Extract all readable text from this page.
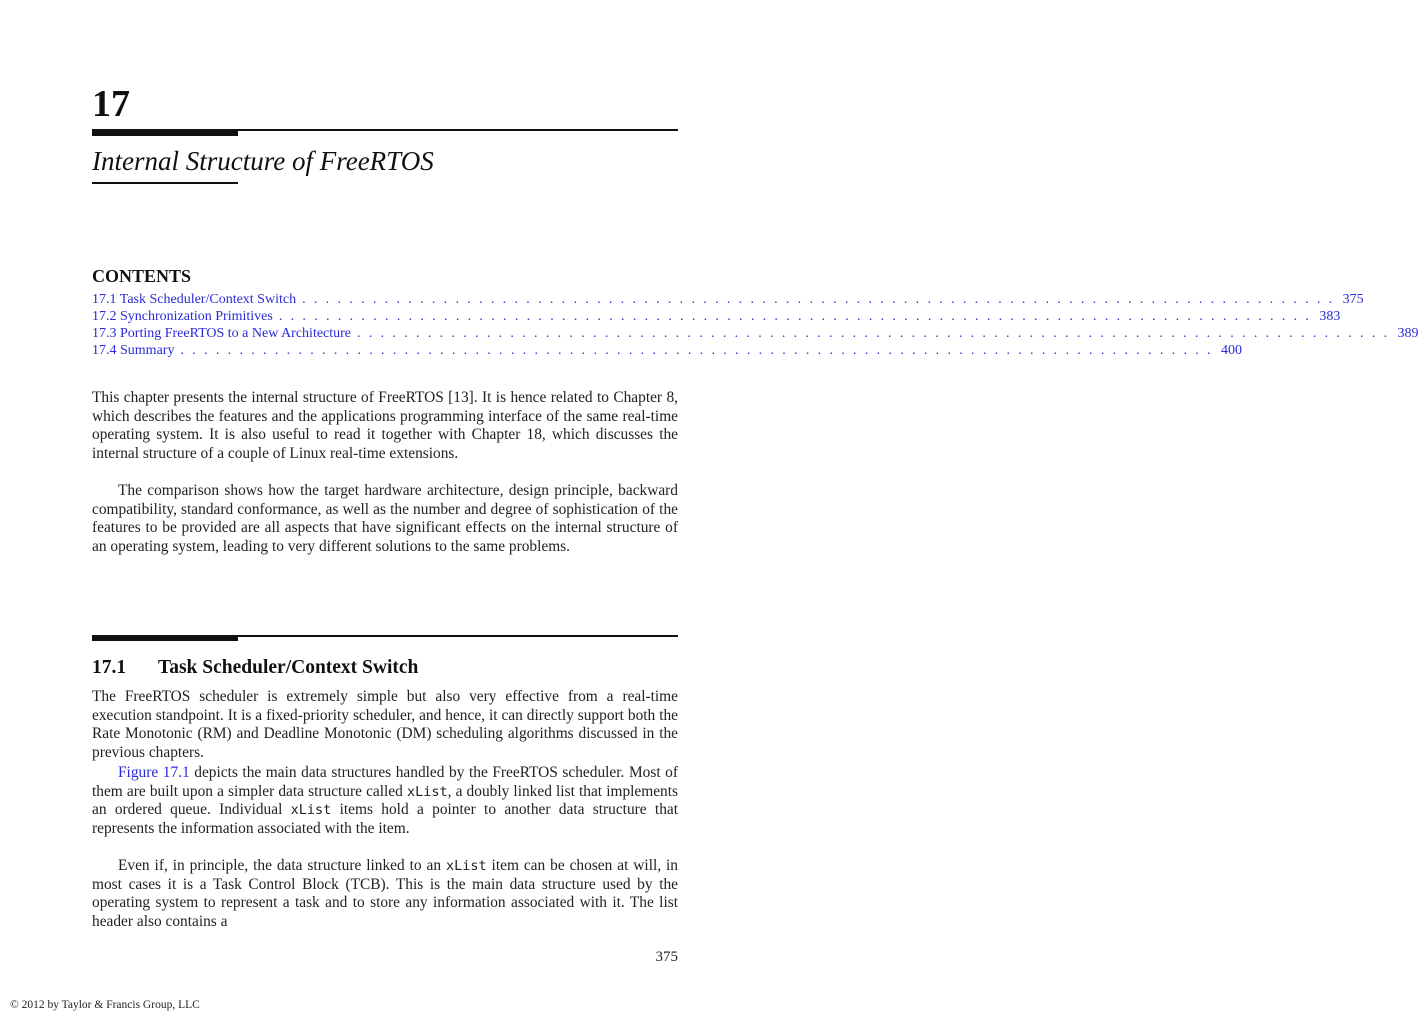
17
Internal Structure of FreeRTOS
CONTENTS
17.1 Task Scheduler/Context Switch . . . . . . . . . . . . . . . . . . . . . . . . . . . . . . . . . . . . . . . . . . . . . . . . . . . . . . . . . . . . . . . . . . . . . . . . . . . . . . . . . . . . . . . . 375
17.2 Synchronization Primitives . . . . . . . . . . . . . . . . . . . . . . . . . . . . . . . . . . . . . . . . . . . . . . . . . . . . . . . . . . . . . . . . . . . . . . . . . . . . . . . . . . . . . . . . 383
17.3 Porting FreeRTOS to a New Architecture . . . . . . . . . . . . . . . . . . . . . . . . . . . . . . . . . . . . . . . . . . . . . . . . . . . . . . . . . . . . . . . . . . . . . . . . . . . . . . . . . . . . . . . . 389
17.4 Summary . . . . . . . . . . . . . . . . . . . . . . . . . . . . . . . . . . . . . . . . . . . . . . . . . . . . . . . . . . . . . . . . . . . . . . . . . . . . . . . . . . . . . . . . 400

This chapter presents the internal structure of FreeRTOS [13]. It is hence related to Chapter 8, which describes the features and the applications programming interface of the same real-time operating system. It is also useful to read it together with Chapter 18, which discusses the internal structure of a couple of Linux real-time extensions.

The comparison shows how the target hardware architecture, design principle, backward compatibility, standard conformance, as well as the number and degree of sophistication of the features to be provided are all aspects that have significant effects on the internal structure of an operating system, leading to very different solutions to the same problems.

17.1 Task Scheduler/Context Switch

The FreeRTOS scheduler is extremely simple but also very effective from a real-time execution standpoint. It is a fixed-priority scheduler, and hence, it can directly support both the Rate Monotonic (RM) and Deadline Monotonic (DM) scheduling algorithms discussed in the previous chapters.

Figure 17.1 depicts the main data structures handled by the FreeRTOS scheduler. Most of them are built upon a simpler data structure called xList, a doubly linked list that implements an ordered queue. Individual xList items hold a pointer to another data structure that represents the information associated with the item.

Even if, in principle, the data structure linked to an xList item can be chosen at will, in most cases it is a Task Control Block (TCB). This is the main data structure used by the operating system to represent a task and to store any information associated with it. The list header also contains a

375
© 2012 by Taylor & Francis Group, LLC
